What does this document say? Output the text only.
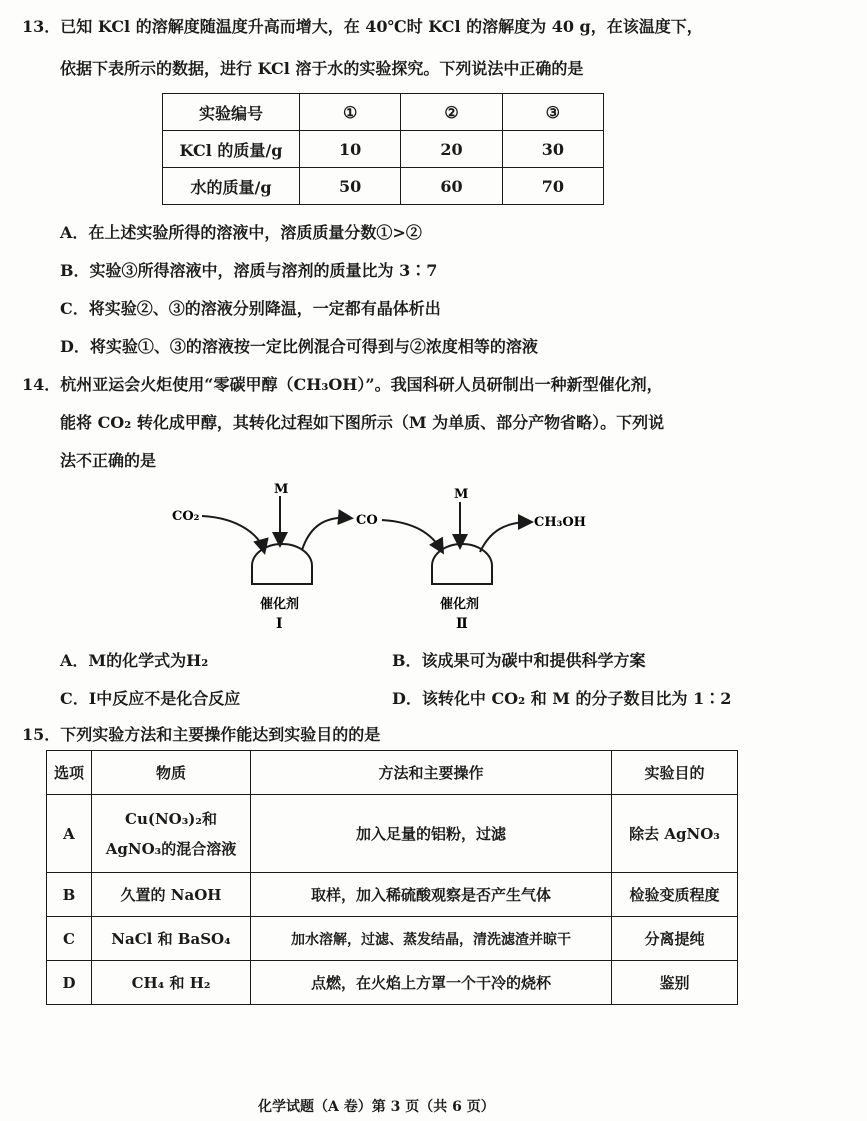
13．已知 KCl 的溶解度随温度升高而增大，在 40℃时 KCl 的溶解度为 40 g，在该温度下，
依据下表所示的数据，进行 KCl 溶于水的实验探究。下列说法中正确的是
实验编号	①	②	③
KCl 的质量/g	10	20	30
水的质量/g	50	60	70
A．在上述实验所得的溶液中，溶质质量分数①>②
B．实验③所得溶液中，溶质与溶剂的质量比为 3∶7
C．将实验②、③的溶液分别降温，一定都有晶体析出
D．将实验①、③的溶液按一定比例混合可得到与②浓度相等的溶液
14．杭州亚运会火炬使用“零碳甲醇（CH₃OH）”。我国科研人员研制出一种新型催化剂，
能将 CO₂ 转化成甲醇，其转化过程如下图所示（M 为单质、部分产物省略）。下列说
法不正确的是
CO₂
M
CO
M
CH₃OH
催化剂
Ⅰ
催化剂
Ⅱ
A．M的化学式为H₂	B．该成果可为碳中和提供科学方案
C．Ⅰ中反应不是化合反应	D．该转化中 CO₂ 和 M 的分子数目比为 1∶2
15．下列实验方法和主要操作能达到实验目的的是
选项	物质	方法和主要操作	实验目的
A	Cu(NO₃)₂和 AgNO₃的混合溶液	加入足量的铝粉，过滤	除去 AgNO₃
B	久置的 NaOH	取样，加入稀硫酸观察是否产生气体	检验变质程度
C	NaCl 和 BaSO₄	加水溶解，过滤、蒸发结晶，清洗滤渣并晾干	分离提纯
D	CH₄ 和 H₂	点燃，在火焰上方罩一个干冷的烧杯	鉴别
化学试题（A 卷）第 3 页（共 6 页）
